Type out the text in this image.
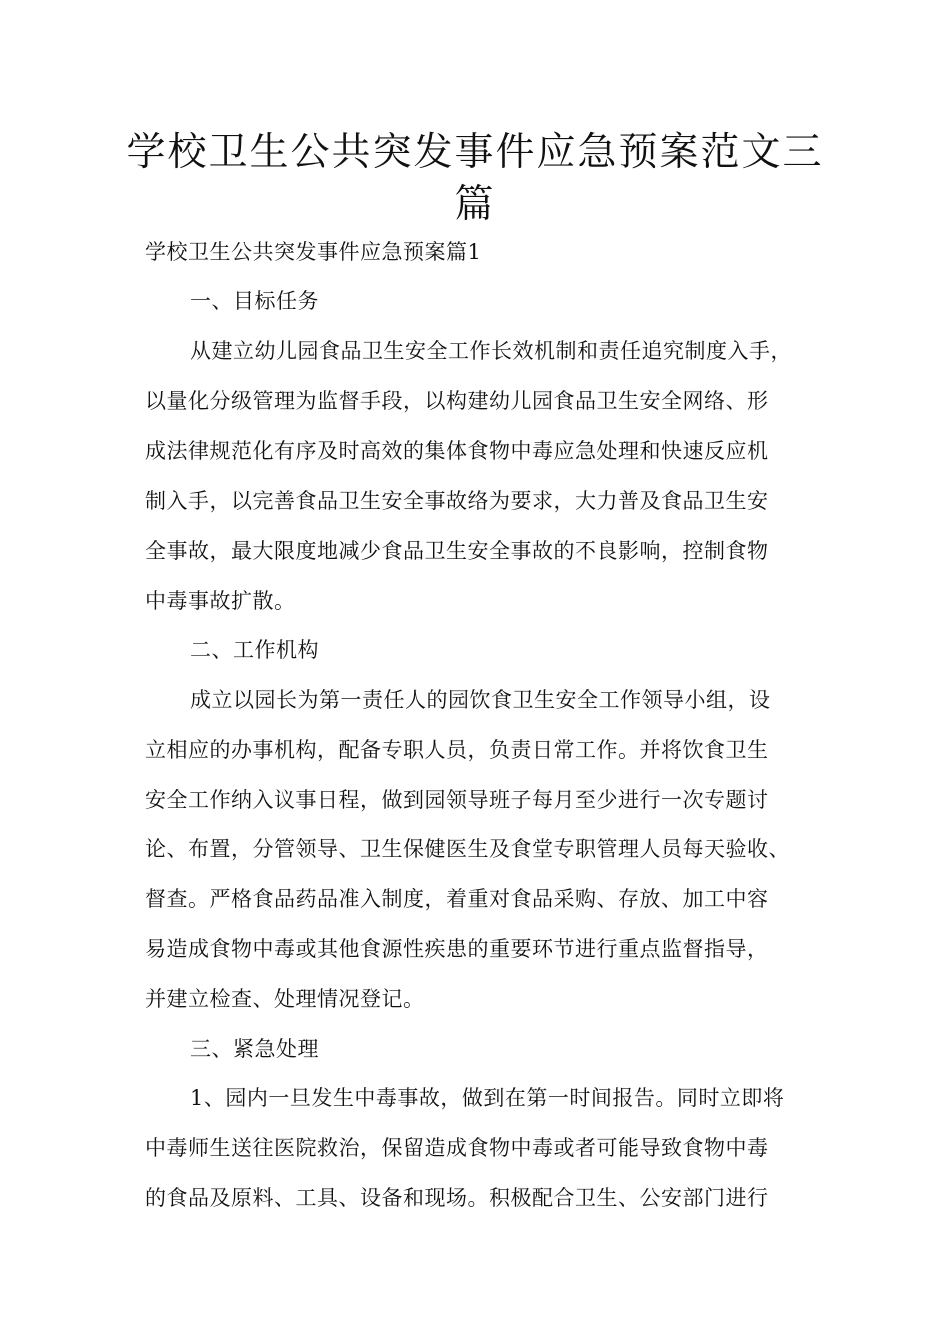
学校卫生公共突发事件应急预案范文三
篇
学校卫生公共突发事件应急预案篇1
一、目标任务
从建立幼儿园食品卫生安全工作长效机制和责任追究制度入手，
以量化分级管理为监督手段，以构建幼儿园食品卫生安全网络、形
成法律规范化有序及时高效的集体食物中毒应急处理和快速反应机
制入手，以完善食品卫生安全事故络为要求，大力普及食品卫生安
全事故，最大限度地减少食品卫生安全事故的不良影响，控制食物
中毒事故扩散。
二、工作机构
成立以园长为第一责任人的园饮食卫生安全工作领导小组，设
立相应的办事机构，配备专职人员，负责日常工作。并将饮食卫生
安全工作纳入议事日程，做到园领导班子每月至少进行一次专题讨
论、布置，分管领导、卫生保健医生及食堂专职管理人员每天验收、
督查。严格食品药品准入制度，着重对食品采购、存放、加工中容
易造成食物中毒或其他食源性疾患的重要环节进行重点监督指导，
并建立检查、处理情况登记。
三、紧急处理
1、园内一旦发生中毒事故，做到在第一时间报告。同时立即将
中毒师生送往医院救治，保留造成食物中毒或者可能导致食物中毒
的食品及原料、工具、设备和现场。积极配合卫生、公安部门进行
